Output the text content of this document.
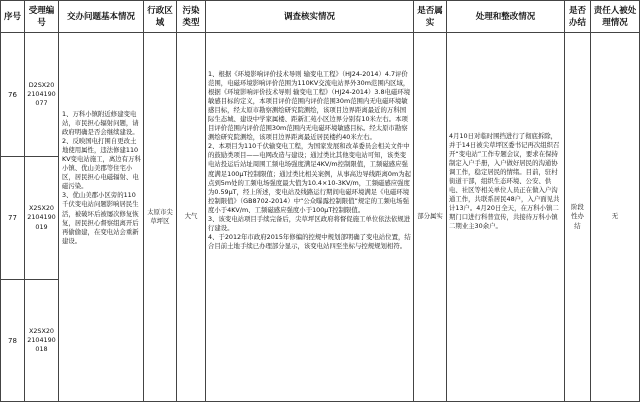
序号
受理编号
交办问题基本情况
行政区域
污染类型
调查核实情况
是否属实
处理和整改情况
是否办结
责任人被处理情况
76
D2SX202104190077
77
X2SX202104190019
78
X2SX202104190018
1、万科小镇附近修建变电站，市民担心辐射问题，请政府明确是否会继续建设。
2、反映国电打围自更改土地使用属性，违法修建110KV变电站施工，离边有万科小镇、优山美郡等住宅小区，居民担心电磁辐射、电磁污染。
3、优山美郡小区旁的110千伏变电站问题影响居民生活，被破坏后被屡次修复恢复，居民担心督察组离开后再偷偷建，在变电站会重新建设。
太原市尖草坪区
大气
1、根据《环境影响评价技术导则 输变电工程》（HJ24-2014）4.7评价范围，电磁环境影响评价范围为110KV交流电站界外30m范围内区域，根据《环境影响评价技术导则 输变电工程》（HJ24-2014）3.8电磁环境敏感目标的定义，本项目评价范围内评价范围30m范围内无电磁环境敏感目标，经太原市勘察测绘研究院测绘，该项目边界距离最近的万科国际生态城、建设中学家属楼、距新汇苑小区边界分别有10米左右。本项目评价范围内评价范围30m范围内无电磁环境敏感目标。经太原市勘察测绘研究院测绘，该项目边界距离最近居民楼约40米左右。
2、本项目为110千伏输变电工程，为国家发展和改革委员会相关文件中的鼓励类项目——电网改造与建设；通过类比其他变电站可知，该类变电站投运后站址周围工频电场强度满足4KV/m控制限值，工频磁感应强度满足100μT控制限值；通过类比相关案例，从事高边导线距离0m为起点到5m处的工频电场强度最大值为10.4×10-3KV/m，工频磁感应强度为0.59μT，经上所述，变电站及线路运行期间电磁环境满足《电磁环境控制限值》（GB8702-2014）中“公众曝露控制限值”规定的工频电场强度小于4KV/m、工频磁感应强度小于100μT控制限值。
3、该变电站项目手续完备后，尖草坪区政府将督促施工单位依法依规进行建设。
4、于2012年市政府2015年修编的控规中规划部明确了变电站位置，结合目前土地手续已办理部分显示，该变电站四至坐标与控规规划相符。
部分属实
4月10日对临时围挡进行了彻底拆除，并于14日被尖草坪区委书记再次组织召开“变电站”工作专题会议，要求在保持制定入户手册，入户做好居民的沟通协调工作，稳定居民的情绪。目前，驻村街道干部，组织生态环境、公安、供电、社区等相关单位人员正在做入户沟通工作，共联系居民48户，入户面见共计13户。4月20日全天，在万科小镇二期门口进行科普宣传，共接待万科小镇二期业主30余户。
阶段性办结
无
